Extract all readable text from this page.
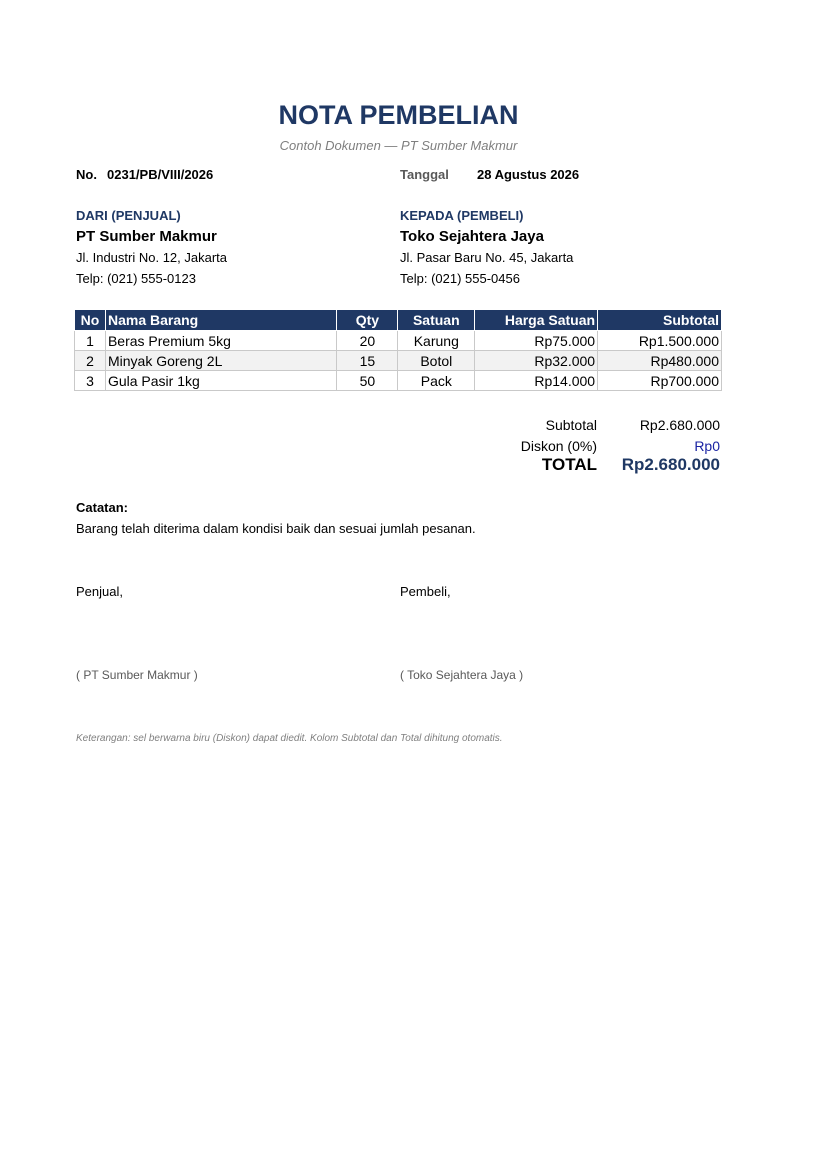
NOTA PEMBELIAN
Contoh Dokumen — PT Sumber Makmur
No. 0231/PB/VIII/2026	Tanggal 28 Agustus 2026
DARI (PENJUAL)
PT Sumber Makmur
Jl. Industri No. 12, Jakarta
Telp: (021) 555-0123
KEPADA (PEMBELI)
Toko Sejahtera Jaya
Jl. Pasar Baru No. 45, Jakarta
Telp: (021) 555-0456
No	Nama Barang	Qty	Satuan	Harga Satuan	Subtotal
1	Beras Premium 5kg	20	Karung	Rp75.000	Rp1.500.000
2	Minyak Goreng 2L	15	Botol	Rp32.000	Rp480.000
3	Gula Pasir 1kg	50	Pack	Rp14.000	Rp700.000
Subtotal	Rp2.680.000
Diskon (0%)	Rp0
TOTAL	Rp2.680.000
Catatan:
Barang telah diterima dalam kondisi baik dan sesuai jumlah pesanan.
Penjual,	Pembeli,
( PT Sumber Makmur )	( Toko Sejahtera Jaya )
Keterangan: sel berwarna biru (Diskon) dapat diedit. Kolom Subtotal dan Total dihitung otomatis.
